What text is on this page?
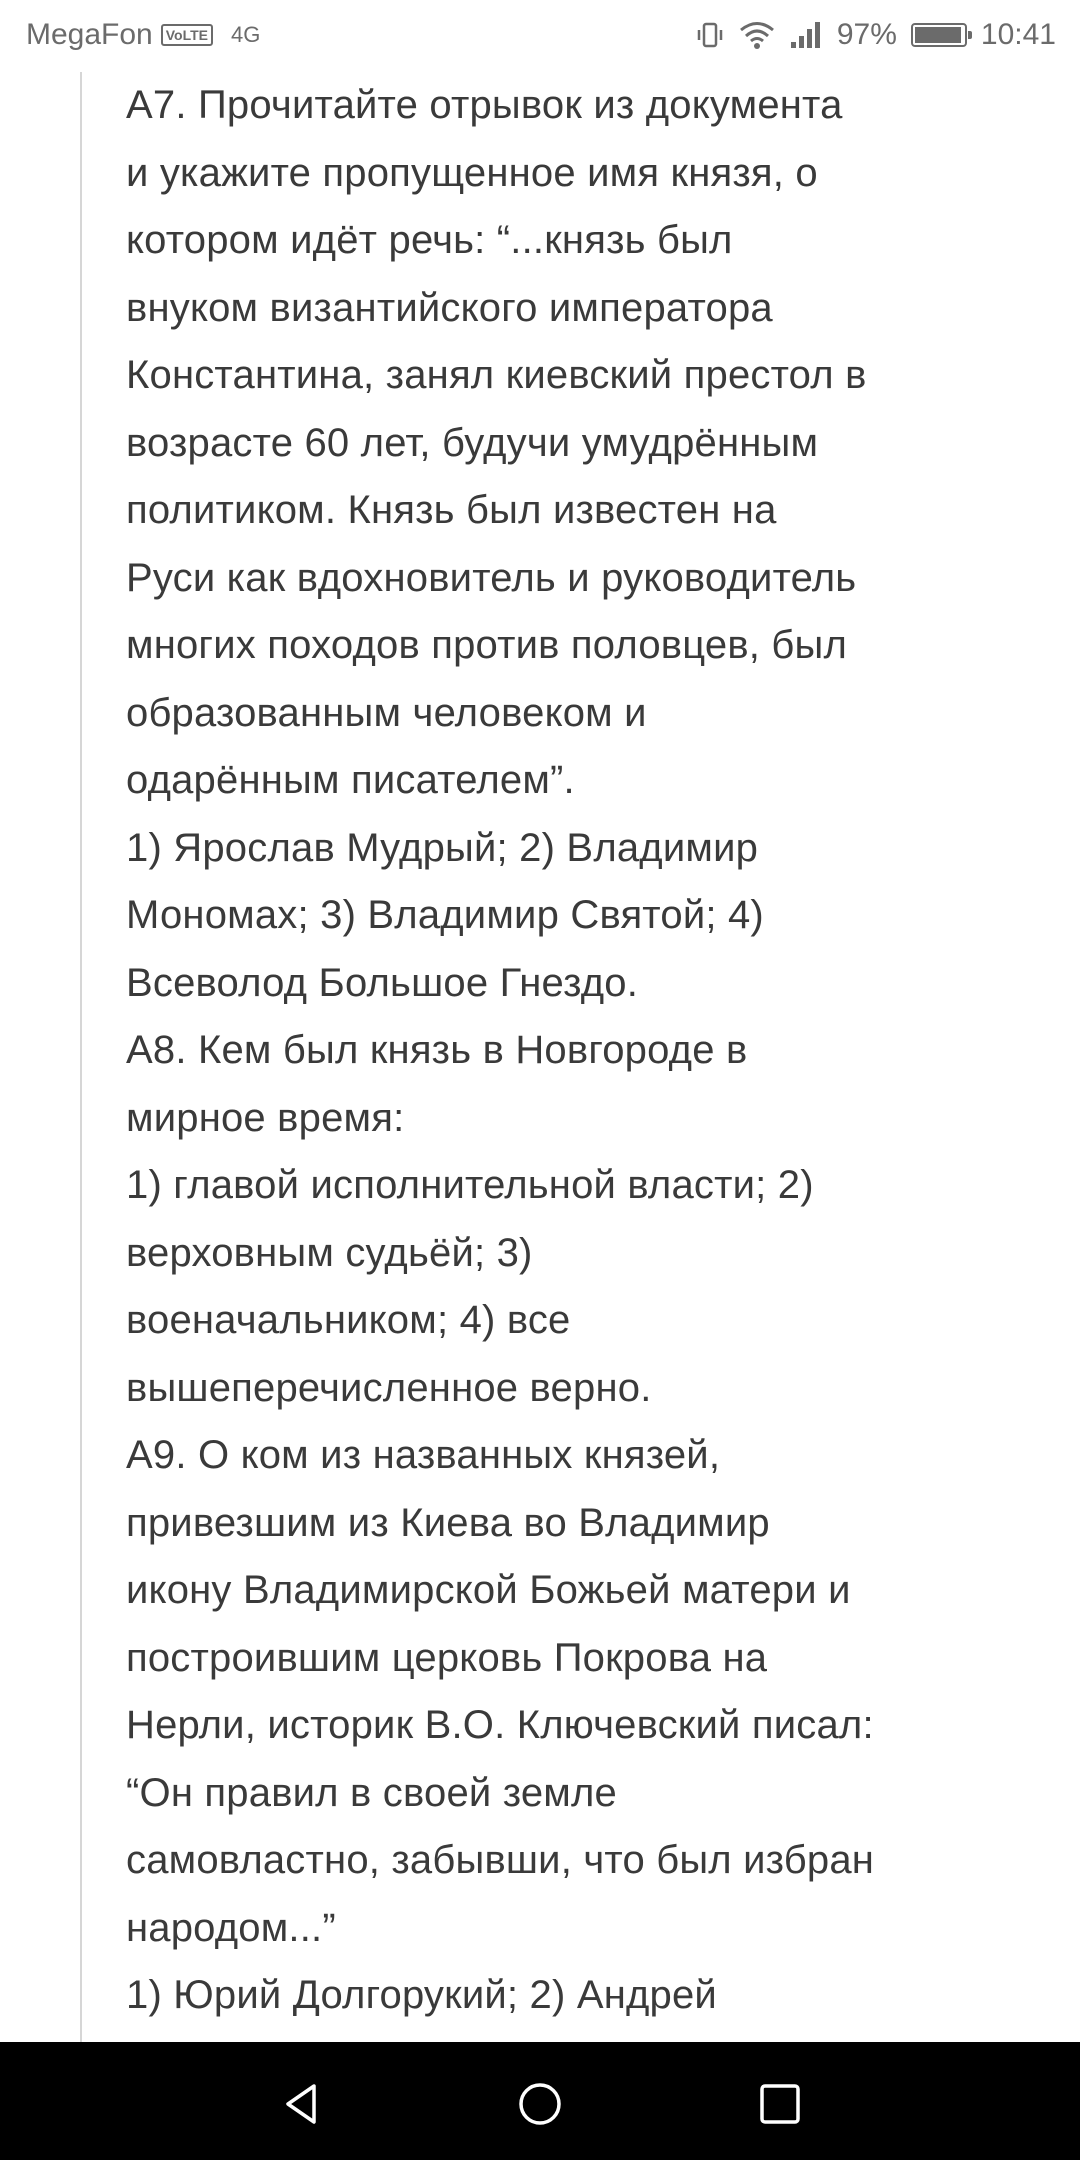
MegaFon VoLTE 4G	97%	10:41

А7. Прочитайте отрывок из документа

и укажите пропущенное имя князя, о

котором идёт речь: “...князь был

внуком византийского императора

Константина, занял киевский престол в

возрасте 60 лет, будучи умудрённым

политиком. Князь был известен на

Руси как вдохновитель и руководитель

многих походов против половцев, был

образованным человеком и

одарённым писателем”.

1) Ярослав Мудрый; 2) Владимир

Мономах; 3) Владимир Святой; 4)

Всеволод Большое Гнездо.

А8. Кем был князь в Новгороде в

мирное время:

1) главой исполнительной власти; 2)

верховным судьёй; 3)

военачальником; 4) все

вышеперечисленное верно.

А9. О ком из названных князей,

привезшим из Киева во Владимир

икону Владимирской Божьей матери и

построившим церковь Покрова на

Нерли, историк В.О. Ключевский писал:

“Он правил в своей земле

самовластно, забывши, что был избран

народом...”

1) Юрий Долгорукий; 2) Андрей
